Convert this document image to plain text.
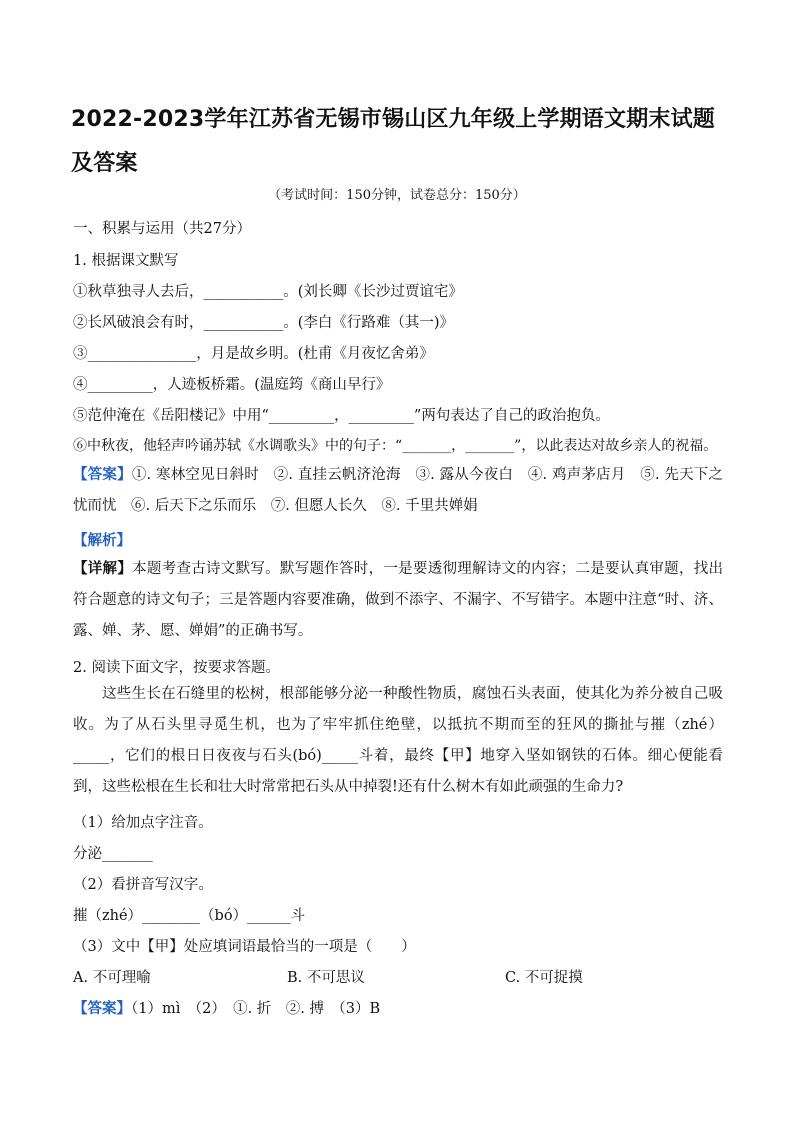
2022-2023学年江苏省无锡市锡山区九年级上学期语文期末试题及答案
（考试时间：150分钟，试卷总分：150分）
一、积累与运用（共27分）
1. 根据课文默写
①秋草独寻人去后，___________。(刘长卿《长沙过贾谊宅》
②长风破浪会有时，___________。(李白《行路难（其一)》
③_______________，月是故乡明。(杜甫《月夜忆舍弟》
④_________，人迹板桥霜。(温庭筠《商山早行》
⑤范仲淹在《岳阳楼记》中用“_________，_________”两句表达了自己的政治抱负。
⑥中秋夜，他轻声吟诵苏轼《水调歌头》中的句子：“_______，_______”，以此表达对故乡亲人的祝福。
【答案】①. 寒林空见日斜时　②. 直挂云帆济沧海　③. 露从今夜白　④. 鸡声茅店月　⑤. 先天下之忧而忧　⑥. 后天下之乐而乐　⑦. 但愿人长久　⑧. 千里共婵娟
【解析】
【详解】本题考查古诗文默写。默写题作答时，一是要透彻理解诗文的内容；二是要认真审题，找出符合题意的诗文句子；三是答题内容要准确，做到不添字、不漏字、不写错字。本题中注意“时、济、露、婵、茅、愿、婵娟”的正确书写。
2. 阅读下面文字，按要求答题。
这些生长在石缝里的松树，根部能够分泌一种酸性物质，腐蚀石头表面，使其化为养分被自己吸收。为了从石头里寻觅生机，也为了牢牢抓住绝壁，以抵抗不期而至的狂风的撕扯与摧（zhé）_____，它们的根日日夜夜与石头(bó)_____斗着，最终【甲】地穿入坚如钢铁的石体。细心便能看到，这些松根在生长和壮大时常常把石头从中掉裂!还有什么树木有如此顽强的生命力?
（1）给加点字注音。
分泌_______
（2）看拼音写汉字。
摧（zhé）________（bó）______斗
（3）文中【甲】处应填词语最恰当的一项是（　　）
A. 不可理喻	B. 不可思议	C. 不可捉摸
【答案】（1）mì　（2）　①. 折　②. 搏　（3）B
